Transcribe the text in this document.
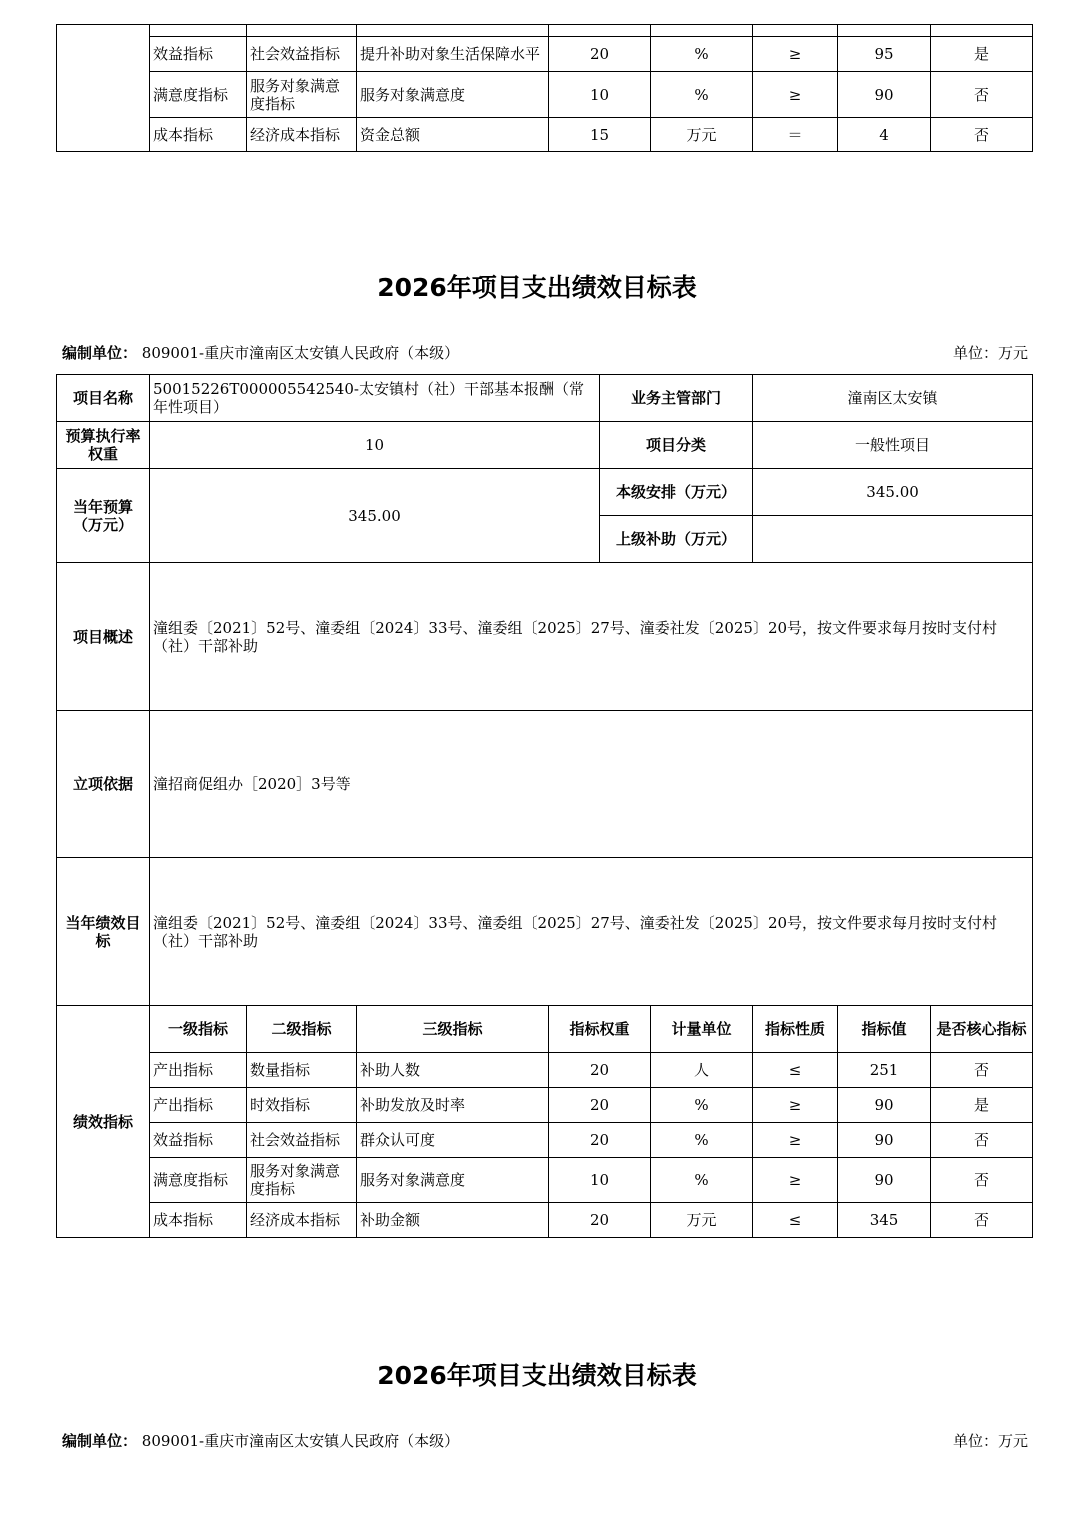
	效益指标	社会效益指标	提升补助对象生活保障水平	20	%	≥	95	是
	满意度指标	服务对象满意度指标	服务对象满意度	10	%	≥	90	否
	成本指标	经济成本指标	资金总额	15	万元	＝	4	否
2026年项目支出绩效目标表
编制单位： 809001-重庆市潼南区太安镇人民政府（本级）	单位：万元
项目名称	50015226T000005542540-太安镇村（社）干部基本报酬（常年性项目）				业务主管部门		潼南区太安镇		
预算执行率权重	10				项目分类		一般性项目		
当年预算（万元）	345.00				本级安排（万元）		345.00		
					上级补助（万元）				
项目概述	潼组委〔2021〕52号、潼委组〔2024〕33号、潼委组〔2025〕27号、潼委社发〔2025〕20号，按文件要求每月按时支付村（社）干部补助								
立项依据	潼招商促组办［2020］3号等								
当年绩效目标	潼组委〔2021〕52号、潼委组〔2024〕33号、潼委组〔2025〕27号、潼委社发〔2025〕20号，按文件要求每月按时支付村（社）干部补助								
绩效指标	一级指标	二级指标	三级指标	指标权重		计量单位	指标性质	指标值	是否核心指标
	产出指标	数量指标	补助人数	20		人	≤	251	否
	产出指标	时效指标	补助发放及时率	20		%	≥	90	是
	效益指标	社会效益指标	群众认可度	20		%	≥	90	否
	满意度指标	服务对象满意度指标	服务对象满意度	10		%	≥	90	否
	成本指标	经济成本指标	补助金额	20		万元	≤	345	否
2026年项目支出绩效目标表
编制单位： 809001-重庆市潼南区太安镇人民政府（本级）	单位：万元
